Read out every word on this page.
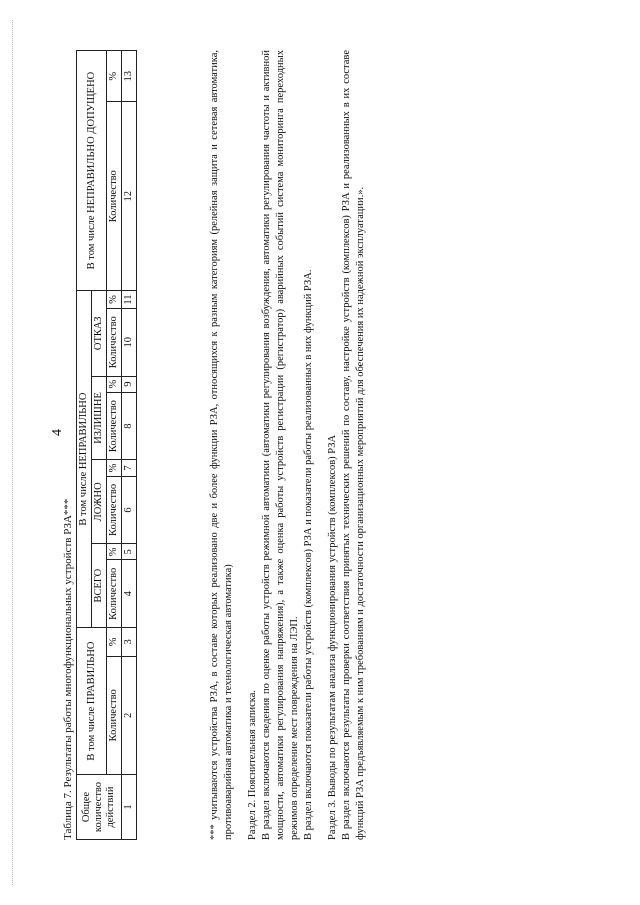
4
Таблица 7. Результаты работы многофункциональных устройств РЗА*** Общее количество действий	В том числе ПРАВИЛЬНО		В том числе НЕПРАВИЛЬНО								В том числе НЕПРАВИЛЬНО ДОПУЩЕНО	
			ВСЕГО		ЛОЖНО		ИЗЛИШНЕ		ОТКАЗ			
	Количество	%	Количество	%	Количество	%	Количество	%	Количество	%	Количество	%
1	2	3	4	5	6	7	8	9	10	11	12	13	*** учитываются устройства РЗА, в составе которых реализовано две и более функции РЗА, относящихся к разным категориям (релейная защита и сетевая автоматика, противоаварийная автоматика и технологическая автоматика) Раздел 2. Пояснительная записка. В раздел включаются сведения по оценке работы устройств режимной автоматики (автоматики регулирования возбуждения, автоматики регулирования частоты и активной мощности, автоматики регулирования напряжения), а также оценка работы устройств регистрации (регистратор) аварийных событий система мониторинга переходных режимов определение мест повреждения на ЛЭП. В раздел включаются показатели работы устройств (комплексов) РЗА и показатели работы реализованных в них функций РЗА. Раздел 3. Выводы по результатам анализа функционирования устройств (комплексов) РЗА В раздел включаются результаты проверки соответствия принятых технических решений по составу, настройке устройств (комплексов) РЗА и реализованных в их составе функций РЗА предъявляемым к ним требованиям и достаточности организационных мероприятий для обеспечения их надежной эксплуатации.».
